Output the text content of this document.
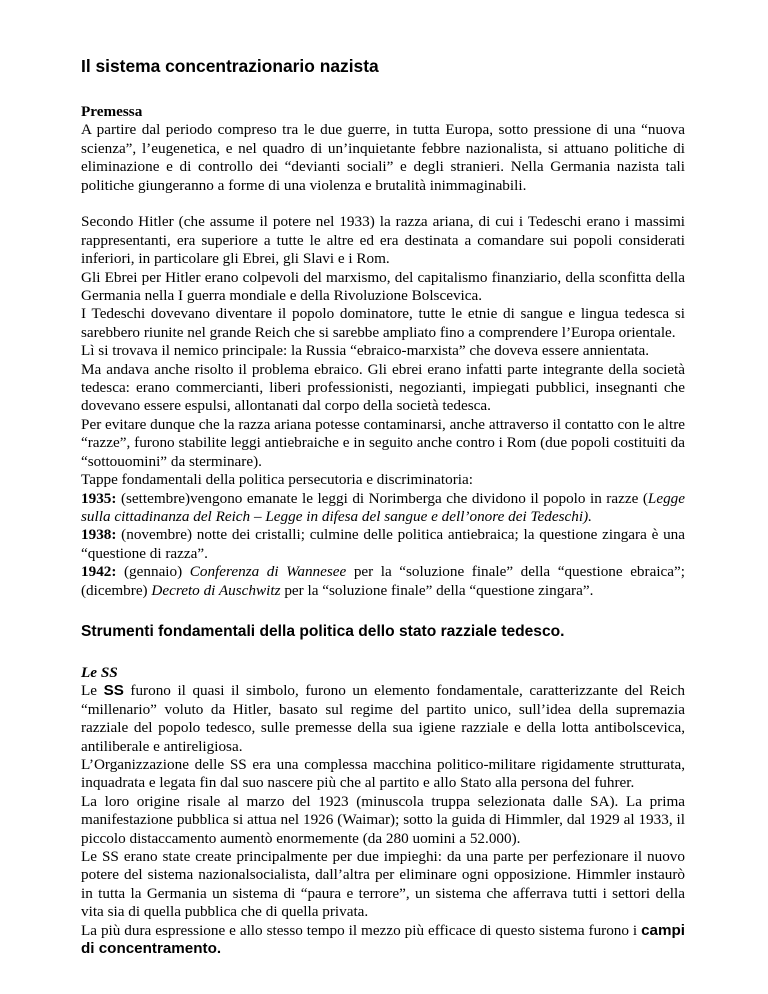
Il sistema concentrazionario nazista

Premessa

A partire dal periodo compreso tra le due guerre, in tutta Europa, sotto pressione di una “nuova scienza”, l’eugenetica, e nel quadro di un’inquietante febbre nazionalista, si attuano politiche di eliminazione e di controllo dei “devianti sociali” e degli stranieri. Nella Germania nazista tali politiche giungeranno a forme di una violenza e brutalità inimmaginabili.

Secondo Hitler (che assume il potere nel 1933) la razza ariana, di cui i Tedeschi erano i massimi rappresentanti, era superiore a tutte le altre ed era destinata a comandare sui popoli considerati inferiori, in particolare gli Ebrei, gli Slavi e i Rom.

Gli Ebrei per Hitler erano colpevoli del marxismo, del capitalismo finanziario, della sconfitta della Germania nella I guerra mondiale e della Rivoluzione Bolscevica.

I Tedeschi dovevano diventare il popolo dominatore, tutte le etnie di sangue e lingua tedesca si sarebbero riunite nel grande Reich che si sarebbe ampliato fino a comprendere l’Europa orientale.

Lì si trovava il nemico principale: la Russia “ebraico-marxista” che doveva essere annientata.

Ma andava anche risolto il problema ebraico. Gli ebrei erano infatti parte integrante della società tedesca: erano commercianti, liberi professionisti, negozianti, impiegati pubblici, insegnanti che dovevano essere espulsi, allontanati dal corpo della società tedesca.

Per evitare dunque che la razza ariana potesse contaminarsi, anche attraverso il contatto con le altre “razze”, furono stabilite leggi antiebraiche e in seguito anche contro i Rom (due popoli costituiti da “sottouomini” da sterminare).

Tappe fondamentali della politica persecutoria e discriminatoria:

1935: (settembre)vengono emanate le leggi di Norimberga che dividono il popolo in razze (Legge sulla cittadinanza del Reich – Legge in difesa del sangue e dell’onore dei Tedeschi).

1938: (novembre) notte dei cristalli; culmine delle politica antiebraica; la questione zingara è una “questione di razza”.

1942: (gennaio) Conferenza di Wannesee per la “soluzione finale” della “questione ebraica”; (dicembre) Decreto di Auschwitz per la “soluzione finale” della “questione zingara”.

Strumenti fondamentali della politica dello stato razziale tedesco.

Le SS

Le SS furono il quasi il simbolo, furono un elemento fondamentale, caratterizzante del Reich “millenario” voluto da Hitler, basato sul regime del partito unico, sull’idea della supremazia razziale del popolo tedesco, sulle premesse della sua igiene razziale e della lotta antibolscevica, antiliberale e antireligiosa.

L’Organizzazione delle SS era una complessa macchina politico-militare rigidamente strutturata, inquadrata e legata fin dal suo nascere più che al partito e allo Stato alla persona del fuhrer.

La loro origine risale al marzo del 1923 (minuscola truppa selezionata dalle SA). La prima manifestazione pubblica si attua nel 1926 (Waimar); sotto la guida di Himmler, dal 1929 al 1933, il piccolo distaccamento aumentò enormemente (da 280 uomini a 52.000).

Le SS erano state create principalmente per due impieghi: da una parte per perfezionare il nuovo potere del sistema nazionalsocialista, dall’altra per eliminare ogni opposizione. Himmler instaurò in tutta la Germania un sistema di “paura e terrore”, un sistema che afferrava tutti i settori della vita sia di quella pubblica che di quella privata.

La più dura espressione e allo stesso tempo il mezzo più efficace di questo sistema furono i campi di concentramento.
